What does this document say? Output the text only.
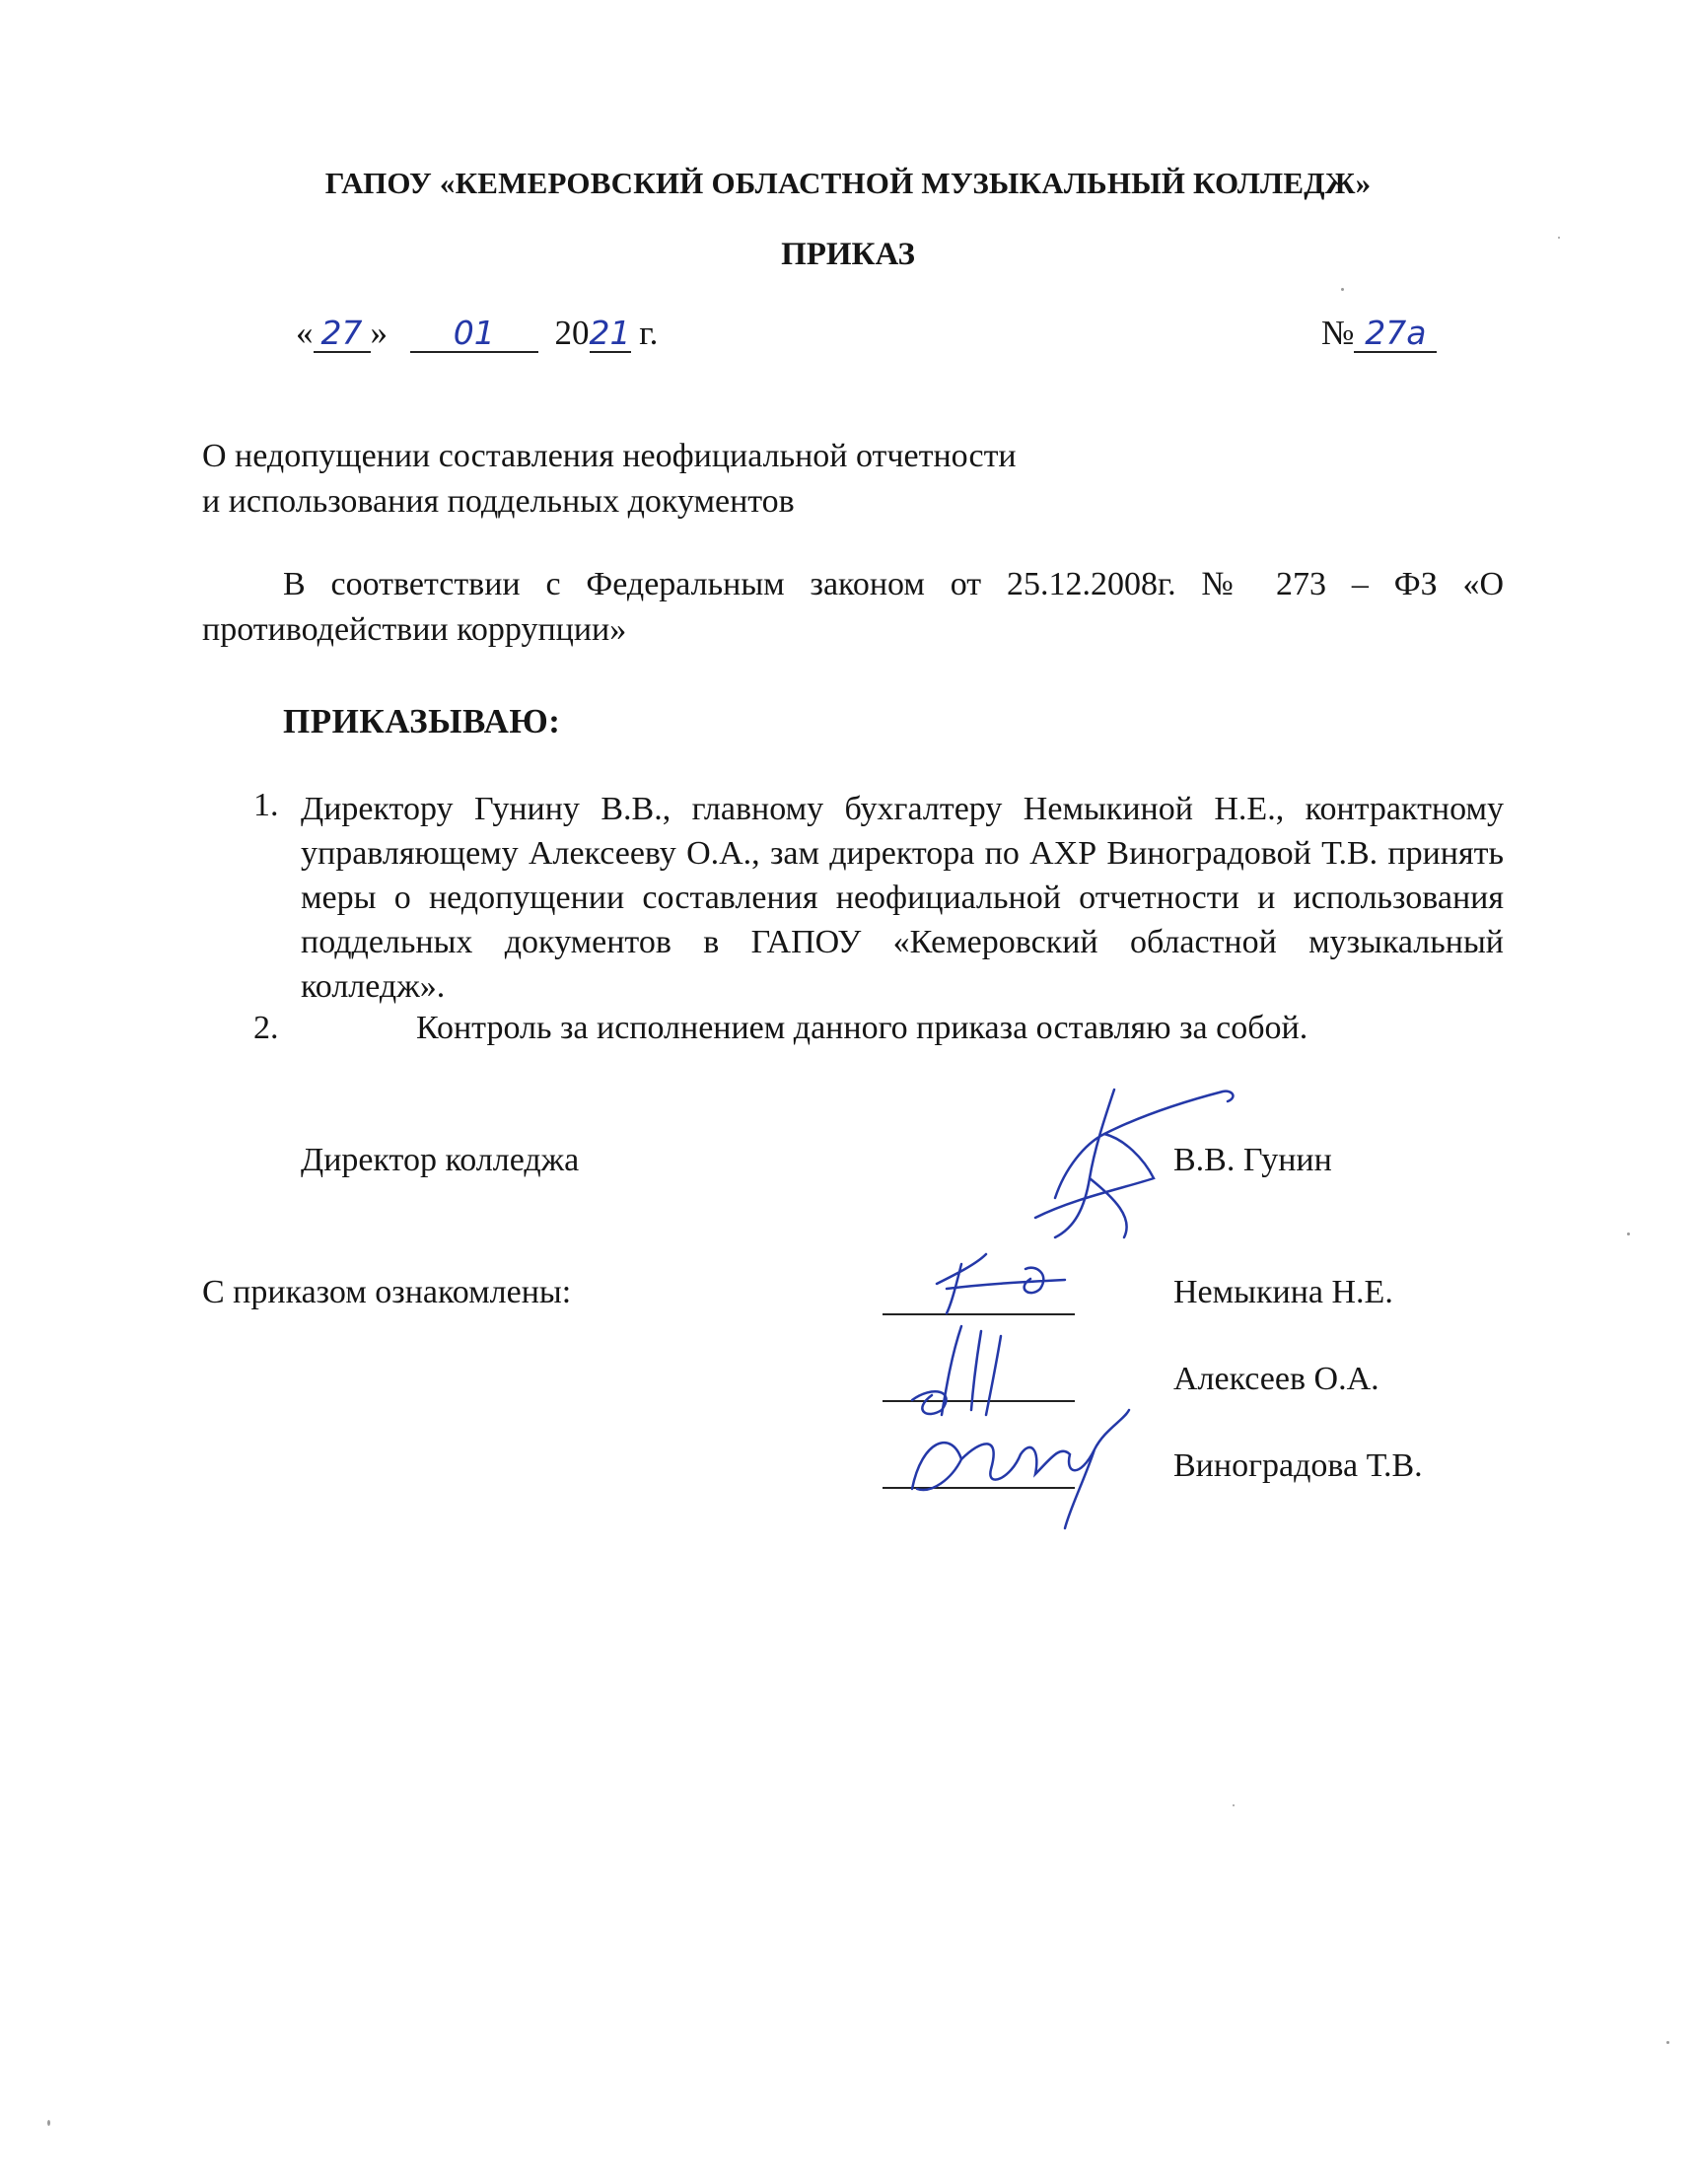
ГАПОУ «КЕМЕРОВСКИЙ ОБЛАСТНОЙ МУЗЫКАЛЬНЫЙ КОЛЛЕДЖ»
ПРИКАЗ
« 27 » 01 2021 г.	№ 27а
О недопущении составления неофициальной отчетности
и использования поддельных документов
В соответствии с Федеральным законом от 25.12.2008г. № 273 – ФЗ «О противодействии коррупции»
ПРИКАЗЫВАЮ:
1. Директору Гунину В.В., главному бухгалтеру Немыкиной Н.Е., контрактному управляющему Алексееву О.А., зам директора по АХР Виноградовой Т.В. принять меры о недопущении составления неофициальной отчетности и использования поддельных документов в ГАПОУ «Кемеровский областной музыкальный колледж».
2.	Контроль за исполнением данного приказа оставляю за собой.
Директор колледжа	В.В. Гунин
С приказом ознакомлены:	Немыкина Н.Е.
Алексеев О.А.
Виноградова Т.В.
